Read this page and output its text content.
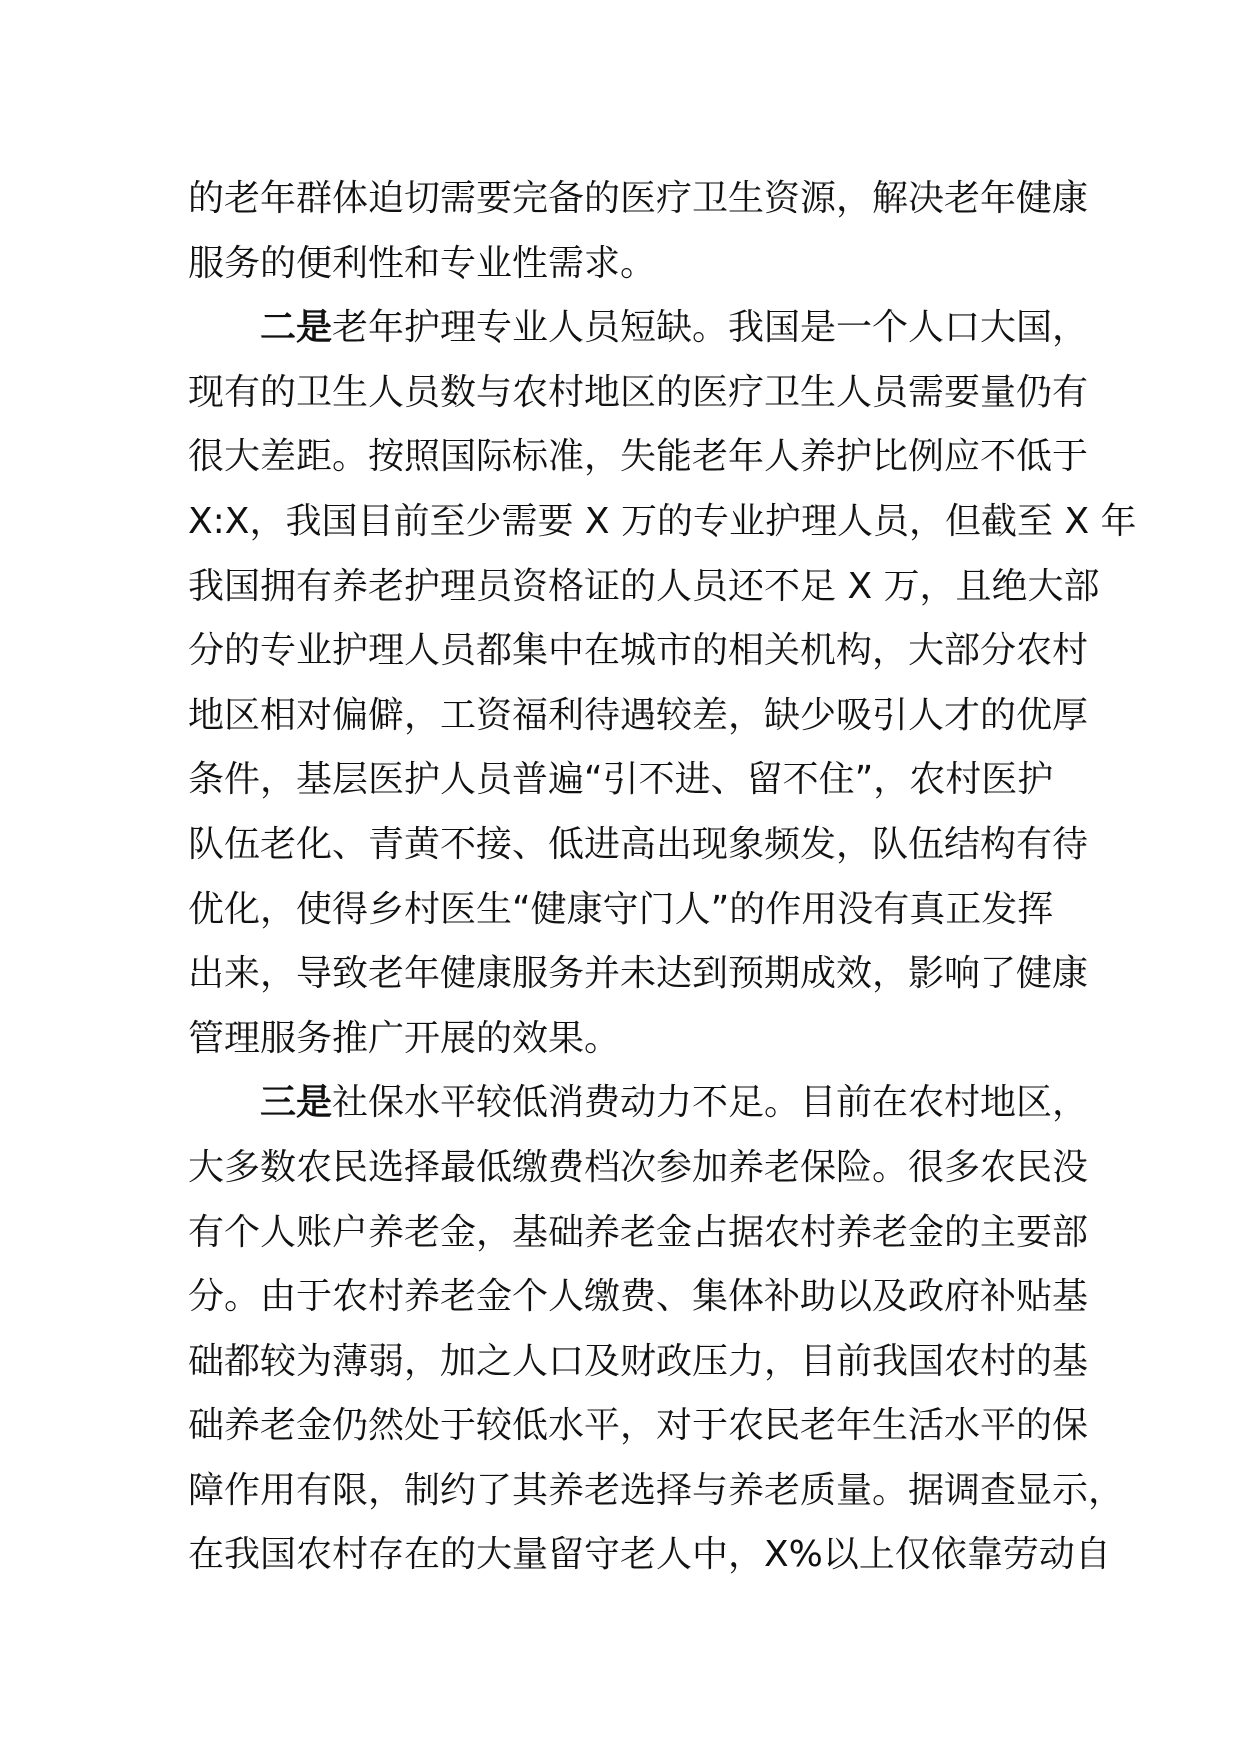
的老年群体迫切需要完备的医疗卫生资源，解决老年健康
服务的便利性和专业性需求。
二是老年护理专业人员短缺。我国是一个人口大国，
现有的卫生人员数与农村地区的医疗卫生人员需要量仍有
很大差距。按照国际标准，失能老年人养护比例应不低于
X:X，我国目前至少需要 X 万的专业护理人员，但截至 X 年
我国拥有养老护理员资格证的人员还不足 X 万，且绝大部
分的专业护理人员都集中在城市的相关机构，大部分农村
地区相对偏僻，工资福利待遇较差，缺少吸引人才的优厚
条件，基层医护人员普遍“引不进、留不住”，农村医护
队伍老化、青黄不接、低进高出现象频发，队伍结构有待
优化，使得乡村医生“健康守门人”的作用没有真正发挥
出来，导致老年健康服务并未达到预期成效，影响了健康
管理服务推广开展的效果。
三是社保水平较低消费动力不足。目前在农村地区，
大多数农民选择最低缴费档次参加养老保险。很多农民没
有个人账户养老金，基础养老金占据农村养老金的主要部
分。由于农村养老金个人缴费、集体补助以及政府补贴基
础都较为薄弱，加之人口及财政压力，目前我国农村的基
础养老金仍然处于较低水平，对于农民老年生活水平的保
障作用有限，制约了其养老选择与养老质量。据调查显示，
在我国农村存在的大量留守老人中，X%以上仅依靠劳动自
